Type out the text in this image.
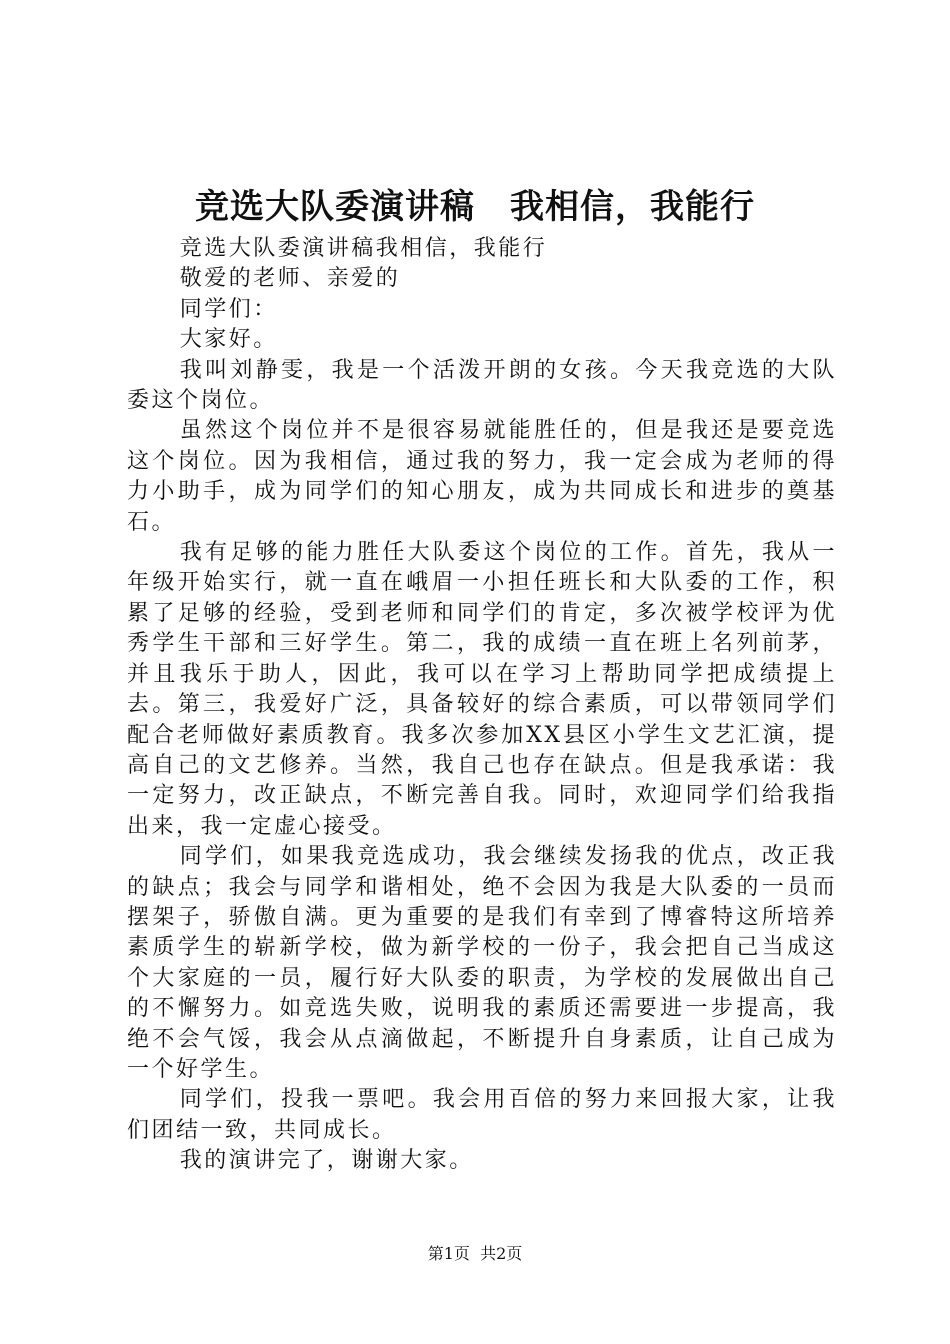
竞选大队委演讲稿　我相信，我能行

竞选大队委演讲稿我相信，我能行

敬爱的老师、亲爱的

同学们：

大家好。

我叫刘静雯，我是一个活泼开朗的女孩。今天我竞选的大队委这个岗位。

虽然这个岗位并不是很容易就能胜任的，但是我还是要竞选这个岗位。因为我相信，通过我的努力，我一定会成为老师的得力小助手，成为同学们的知心朋友，成为共同成长和进步的奠基石。

我有足够的能力胜任大队委这个岗位的工作。首先，我从一年级开始实行，就一直在峨眉一小担任班长和大队委的工作，积累了足够的经验，受到老师和同学们的肯定，多次被学校评为优秀学生干部和三好学生。第二，我的成绩一直在班上名列前茅，并且我乐于助人，因此，我可以在学习上帮助同学把成绩提上去。第三，我爱好广泛，具备较好的综合素质，可以带领同学们配合老师做好素质教育。我多次参加XX县区小学生文艺汇演，提高自己的文艺修养。当然，我自己也存在缺点。但是我承诺：我一定努力，改正缺点，不断完善自我。同时，欢迎同学们给我指出来，我一定虚心接受。

同学们，如果我竞选成功，我会继续发扬我的优点，改正我的缺点；我会与同学和谐相处，绝不会因为我是大队委的一员而摆架子，骄傲自满。更为重要的是我们有幸到了博睿特这所培养素质学生的崭新学校，做为新学校的一份子，我会把自己当成这个大家庭的一员，履行好大队委的职责，为学校的发展做出自己的不懈努力。如竞选失败，说明我的素质还需要进一步提高，我绝不会气馁，我会从点滴做起，不断提升自身素质，让自己成为一个好学生。

同学们，投我一票吧。我会用百倍的努力来回报大家，让我们团结一致，共同成长。

我的演讲完了，谢谢大家。

第1页  共2页
